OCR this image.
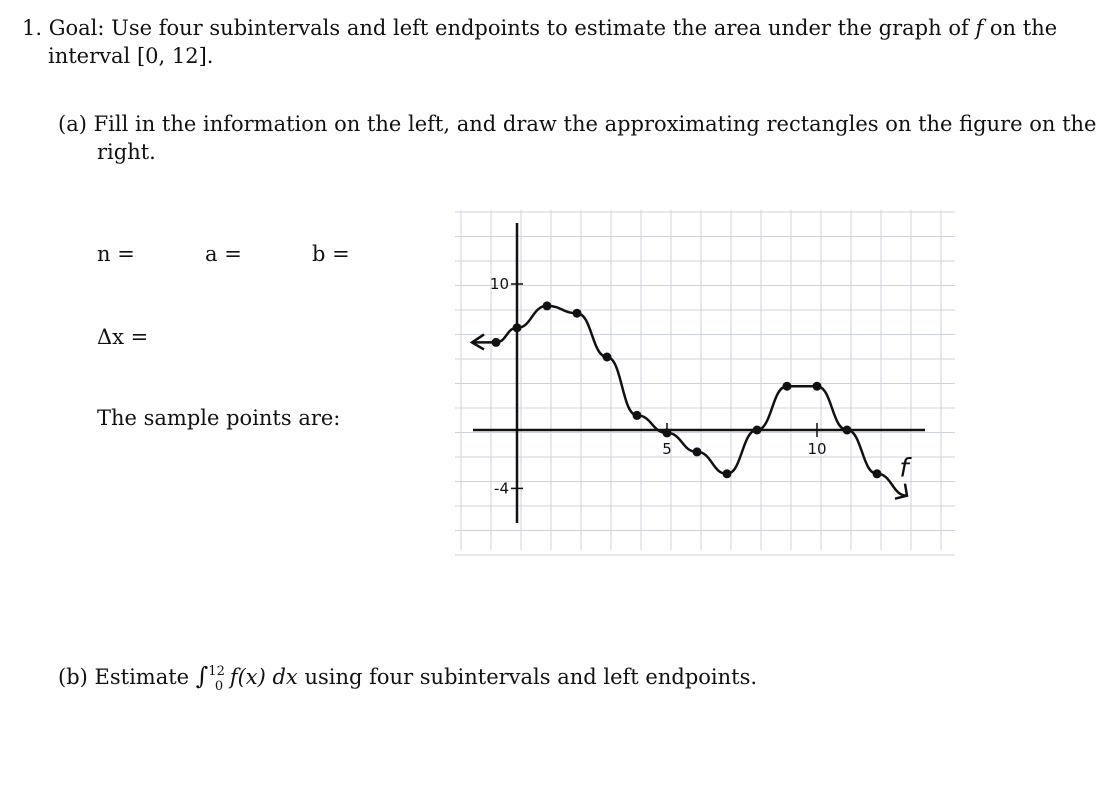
1. Goal: Use four subintervals and left endpoints to estimate the area under the graph of f on the
interval [0, 12].
(a) Fill in the information on the left, and draw the approximating rectangles on the figure on the
right.
n =	a =	b =
Δx =
The sample points are:
10
-4
5	10
f
(b) Estimate ∫$^{12}_0$ f(x) dx using four subintervals and left endpoints.
